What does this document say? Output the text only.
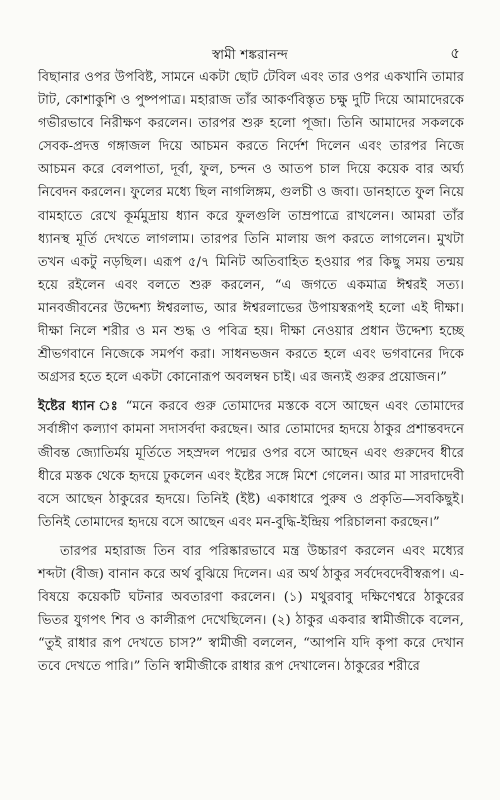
স্বামী শঙ্করানন্দ	৫

বিছানার ওপর উপবিষ্ট, সামনে একটা ছোট টেবিল এবং তার ওপর একখানি তামার টাট, কোশাকুশি ও পুষ্পপাত্র। মহারাজ তাঁর আকর্ণবিস্তৃত চক্ষু দুটি দিয়ে আমাদেরকে গভীরভাবে নিরীক্ষণ করলেন। তারপর শুরু হলো পূজা। তিনি আমাদের সকলকে সেবক-প্রদত্ত গঙ্গাজল দিয়ে আচমন করতে নির্দেশ দিলেন এবং তারপর নিজে আচমন করে বেলপাতা, দূর্বা, ফুল, চন্দন ও আতপ চাল দিয়ে কয়েক বার অর্ঘ্য নিবেদন করলেন। ফুলের মধ্যে ছিল নাগলিঙ্গম, গুলচী ও জবা। ডানহাতে ফুল নিয়ে বামহাতে রেখে কূর্মমুদ্রায় ধ্যান করে ফুলগুলি তাম্রপাত্রে রাখলেন। আমরা তাঁর ধ্যানস্থ মূর্তি দেখতে লাগলাম। তারপর তিনি মালায় জপ করতে লাগলেন। মুখটা তখন একটু নড়ছিল। এরূপ ৫/৭ মিনিট অতিবাহিত হওয়ার পর কিছু সময় তন্ময় হয়ে রইলেন এবং বলতে শুরু করলেন, “এ জগতে একমাত্র ঈশ্বরই সত্য। মানবজীবনের উদ্দেশ্য ঈশ্বরলাভ, আর ঈশ্বরলাভের উপায়স্বরূপই হলো এই দীক্ষা। দীক্ষা নিলে শরীর ও মন শুদ্ধ ও পবিত্র হয়। দীক্ষা নেওয়ার প্রধান উদ্দেশ্য হচ্ছে শ্রীভগবানে নিজেকে সমর্পণ করা। সাধনভজন করতে হলে এবং ভগবানের দিকে অগ্রসর হতে হলে একটা কোনোরূপ অবলম্বন চাই। এর জন্যই গুরুর প্রয়োজন।”

ইষ্টের ধ্যান ঃ “মনে করবে গুরু তোমাদের মস্তকে বসে আছেন এবং তোমাদের সর্বাঙ্গীণ কল্যাণ কামনা সদাসর্বদা করছেন। আর তোমাদের হৃদয়ে ঠাকুর প্রশান্তবদনে জীবন্ত জ্যোতির্ময় মূর্তিতে সহস্রদল পদ্মের ওপর বসে আছেন এবং গুরুদেব ধীরে ধীরে মস্তক থেকে হৃদয়ে ঢুকলেন এবং ইষ্টের সঙ্গে মিশে গেলেন। আর মা সারদাদেবী বসে আছেন ঠাকুরের হৃদয়ে। তিনিই (ইষ্ট) একাধারে পুরুষ ও প্রকৃতি—সবকিছুই। তিনিই তোমাদের হৃদয়ে বসে আছেন এবং মন-বুদ্ধি-ইন্দ্রিয় পরিচালনা করছেন।”

তারপর মহারাজ তিন বার পরিষ্কারভাবে মন্ত্র উচ্চারণ করলেন এবং মধ্যের শব্দটা (বীজ) বানান করে অর্থ বুঝিয়ে দিলেন। এর অর্থ ঠাকুর সর্বদেবদেবীস্বরূপ। এ-বিষয়ে কয়েকটি ঘটনার অবতারণা করলেন। (১) মথুরবাবু দক্ষিণেশ্বরে ঠাকুরের ভিতর যুগপৎ শিব ও কালীরূপ দেখেছিলেন। (২) ঠাকুর একবার স্বামীজীকে বলেন, “তুই রাধার রূপ দেখতে চাস?” স্বামীজী বললেন, “আপনি যদি কৃপা করে দেখান তবে দেখতে পারি।” তিনি স্বামীজীকে রাধার রূপ দেখালেন। ঠাকুরের শরীরে
